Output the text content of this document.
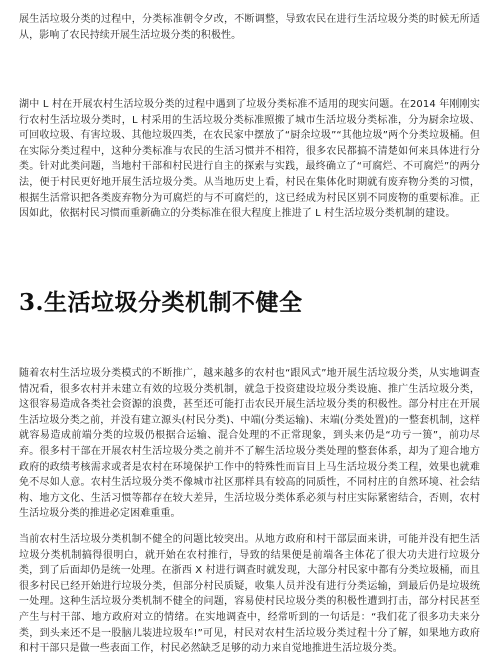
展生活垃圾分类的过程中，分类标准朝令夕改，不断调整，导致农民在进行生活垃圾分类的时候无所适从，影响了农民持续开展生活垃圾分类的积极性。

湖中 L 村在开展农村生活垃圾分类的过程中遇到了垃圾分类标准不适用的现实问题。在2014 年刚刚实行农村生活垃圾分类时，L 村采用的生活垃圾分类标准照搬了城市生活垃圾分类标准，分为厨余垃圾、可回收垃圾、有害垃圾、其他垃圾四类，在农民家中摆放了“厨余垃圾”“其他垃圾”两个分类垃圾桶。但在实际分类过程中，这种分类标准与农民的生活习惯并不相符，很多农民都搞不清楚如何来具体进行分类。针对此类问题，当地村干部和村民进行自主的探索与实践，最终确立了“可腐烂、不可腐烂”的两分法，便于村民更好地开展生活垃圾分类。从当地历史上看，村民在集体化时期就有废弃物分类的习惯，根据生活常识把各类废弃物分为可腐烂的与不可腐烂的，这已经成为村民区别不同废物的重要标准。正因如此，依据村民习惯而重新确立的分类标准在很大程度上推进了 L 村生活垃圾分类机制的建设。

3.生活垃圾分类机制不健全

随着农村生活垃圾分类模式的不断推广，越来越多的农村也“跟风式”地开展生活垃圾分类，从实地调查情况看，很多农村并未建立有效的垃圾分类机制，就急于投资建设垃圾分类设施、推广生活垃圾分类，这很容易造成各类社会资源的浪费，甚至还可能打击农民开展生活垃圾分类的积极性。部分村庄在开展生活垃圾分类之前，并没有建立源头(村民分类)、中端(分类运输)、末端(分类处置)的一整套机制，这样就容易造成前端分类的垃圾仍根据合运输、混合处理的不正常现象，到头来仍是“功亏一篑”，前功尽弃。很多村干部在开展农村生活垃圾分类之前并不了解生活垃圾分类处理的整套体系，却为了迎合地方政府的政绩考核需求或者是农村在环境保护工作中的特殊性而盲目上马生活垃圾分类工程，效果也就难免不尽如人意。农村生活垃圾分类不像城市社区那样具有较高的同质性，不同村庄的自然环境、社会结构、地方文化、生活习惯等都存在较大差异，生活垃圾分类体系必须与村庄实际紧密结合，否则，农村生活垃圾分类的推进必定困难重重。

当前农村生活垃圾分类机制不健全的问题比较突出。从地方政府和村干部层面来讲，可能并没有把生活垃圾分类机制搞得很明白，就开始在农村推行，导致的结果便是前端各主体花了很大功夫进行垃圾分类，到了后面却仍是统一处理。在浙西 X 村进行调查时就发现，大部分村民家中都有分类垃圾桶，而且很多村民已经开始进行垃圾分类，但部分村民质疑，收集人员并没有进行分类运输，到最后仍是垃圾统一处理。这种生活垃圾分类机制不健全的问题，容易使村民垃圾分类的积极性遭到打击，部分村民甚至产生与村干部、地方政府对立的情绪。在实地调查中，经常听到的一句话是：“我们花了很多功夫来分类，到头来还不是一股脑儿装进垃圾车!”可见，村民对农村生活垃圾分类过程十分了解，如果地方政府和村干部只是做一些表面工作，村民必然缺乏足够的动力来自觉地推进生活垃圾分类。
